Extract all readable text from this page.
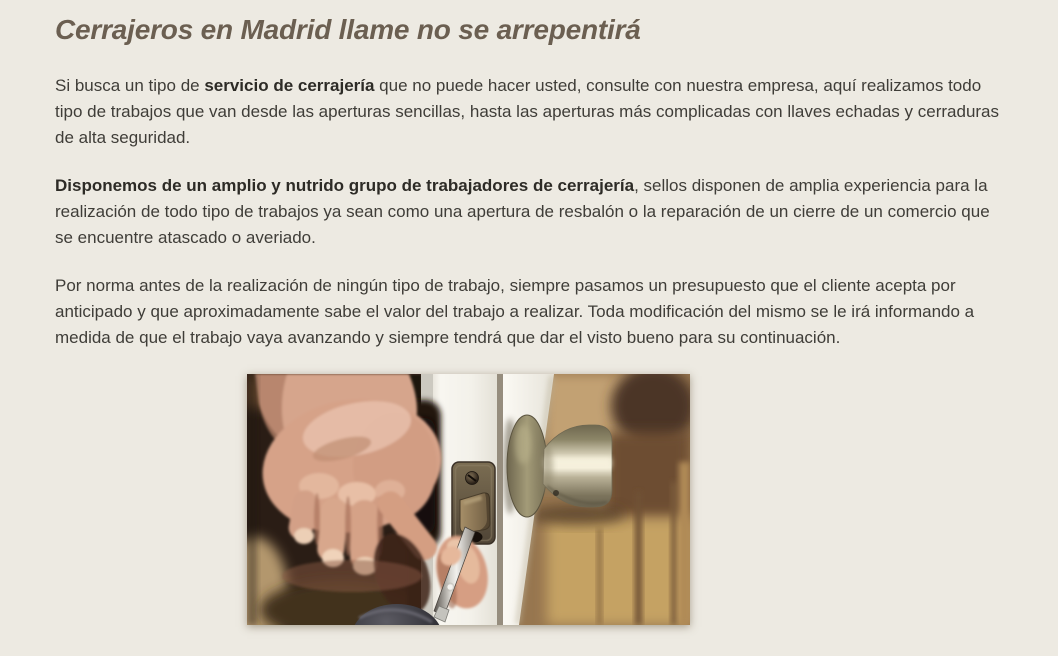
Cerrajeros en Madrid llame no se arrepentirá

Si busca un tipo de servicio de cerrajería que no puede hacer usted, consulte con nuestra empresa, aquí realizamos todo tipo de trabajos que van desde las aperturas sencillas, hasta las aperturas más complicadas con llaves echadas y cerraduras de alta seguridad.

Disponemos de un amplio y nutrido grupo de trabajadores de cerrajería, sellos disponen de amplia experiencia para la realización de todo tipo de trabajos ya sean como una apertura de resbalón o la reparación de un cierre de un comercio que se encuentre atascado o averiado.

Por norma antes de la realización de ningún tipo de trabajo, siempre pasamos un presupuesto que el cliente acepta por anticipado y que aproximadamente sabe el valor del trabajo a realizar. Toda modificación del mismo se le irá informando a medida de que el trabajo vaya avanzando y siempre tendrá que dar el visto bueno para su continuación.
